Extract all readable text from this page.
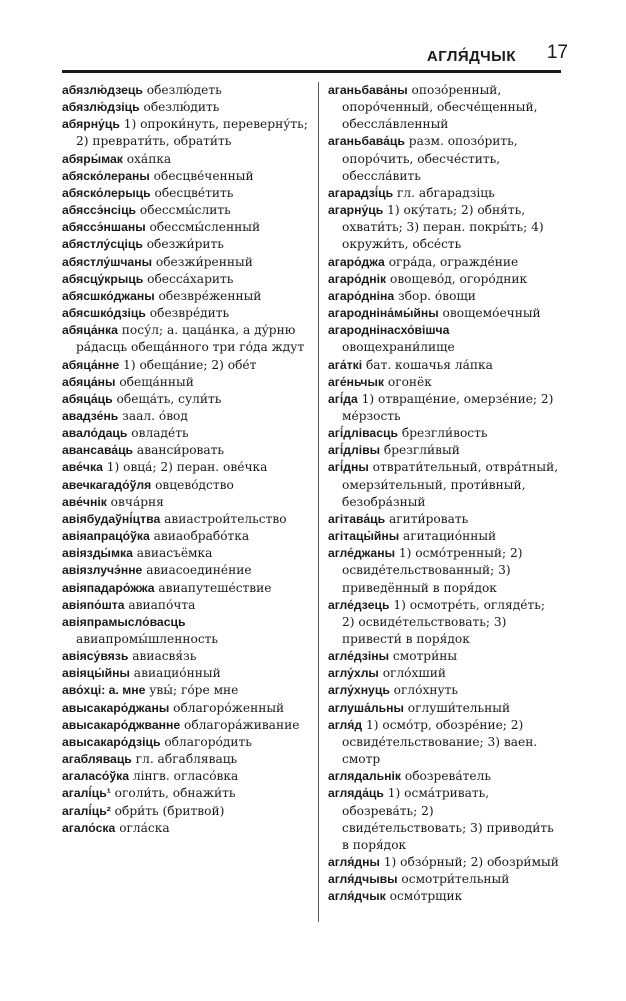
АГЛЯ́ДЧЫК	17

абязлю́дзець обезлю́деть

абязлю́дзіць обезлю́дить

абярну́ць 1) опроки́нуть, переверну́ть; 2) преврати́ть, обрати́ть

абяры́мак оха́пка

абяско́лераны обесцве́ченный

абяско́лерыць обесцве́тить

абяссэ́нсіць обессмы́слить

абяссэ́ншаны обессмы́сленный

абястлу́сціць обезжи́рить

абястлу́шчаны обезжи́ренный

абясцу́крыць обесса́харить

абясшко́джаны обезвре́женный

абясшко́дзіць обезвре́дить

абяца́нка посу́л; а. цаца́нка, а ду́рню ра́дасць обеща́нного три го́да ждут

абяца́нне 1) обеща́ние; 2) обе́т

абяца́ны обеща́нный

абяца́ць обеща́ть, сули́ть

авадзе́нь заал. о́вод

авало́даць овладе́ть

авансава́ць аванси́ровать

аве́чка 1) овца́; 2) перан. ове́чка

авечкагадо́ўля овцево́дство

аве́чнік овча́рня

авіябудаўні́цтва авиастрои́тельство

авіяапрацо́ўка авиаобрабо́тка

авіязды́мка авиасъёмка

авіязлучэ́нне авиасоедине́ние

авіяпадаро́жжа авиапутеше́ствие

авіяпо́шта авиапо́чта

авіяпрамысло́васць авиапромы́шленность

авіясу́вязь авиасвя́зь

авіяцы́йны авиацио́нный

аво́хці: а. мне увы́; го́ре мне

авысакаро́джаны облагоро́женный

авысакаро́джванне облагора́живание

авысакаро́дзіць облагоро́дить

агабляваць гл. абгабляваць

агаласо́ўка лінгв. огласо́вка

агалі́ць¹ оголи́ть, обнажи́ть

агалі́ць² обри́ть (бритвой)

агало́ска огла́ска

аганьбава́ны опозо́ренный, опоро́ченный, обесче́щенный, обессла́вленный

аганьбава́ць разм. опозо́рить, опоро́чить, обесче́стить, обессла́вить

агарадзі́ць гл. абгарадзіць

агарну́ць 1) оку́тать; 2) обня́ть, охвати́ть; 3) перан. покры́ть; 4) окружи́ть, обсе́сть

агаро́джа огра́да, огражде́ние

агаро́днік овощево́д, огоро́дник

агаро́дніна збор. о́вощи

агародніна́мы́йны овощемо́ечный

агароднінасхо́вішча овощехрани́лище

ага́ткі бат. кошачья ла́пка

аге́ньчык огонёк

агі́да 1) отвраще́ние, омерзе́ние; 2) ме́рзость

агі́длівасць брезгли́вость

агі́длівы брезгли́вый

агі́дны отврати́тельный, отвра́тный, омерзи́тельный, проти́вный, безобра́зный

агітава́ць агити́ровать

агітацы́йны агитацио́нный

агле́джаны 1) осмо́тренный; 2) освиде́тельствованный; 3) приведённый в поря́док

агле́дзець 1) осмотре́ть, огляде́ть; 2) освиде́тельствовать; 3) привести́ в поря́док

агле́дзіны смотри́ны

аглу́хлы огло́хший

аглу́хнуць огло́хнуть

аглуша́льны оглуши́тельный

агля́д 1) осмо́тр, обозре́ние; 2) освиде́тельствование; 3) ваен. смотр

аглядальнік обозрева́тель

агляда́ць 1) осма́тривать, обозрева́ть; 2) свиде́тельствовать; 3) приводи́ть в поря́док

агля́дны 1) обзо́рный; 2) обозри́мый

агля́дчывы осмотри́тельный

агля́дчык осмо́трщик
